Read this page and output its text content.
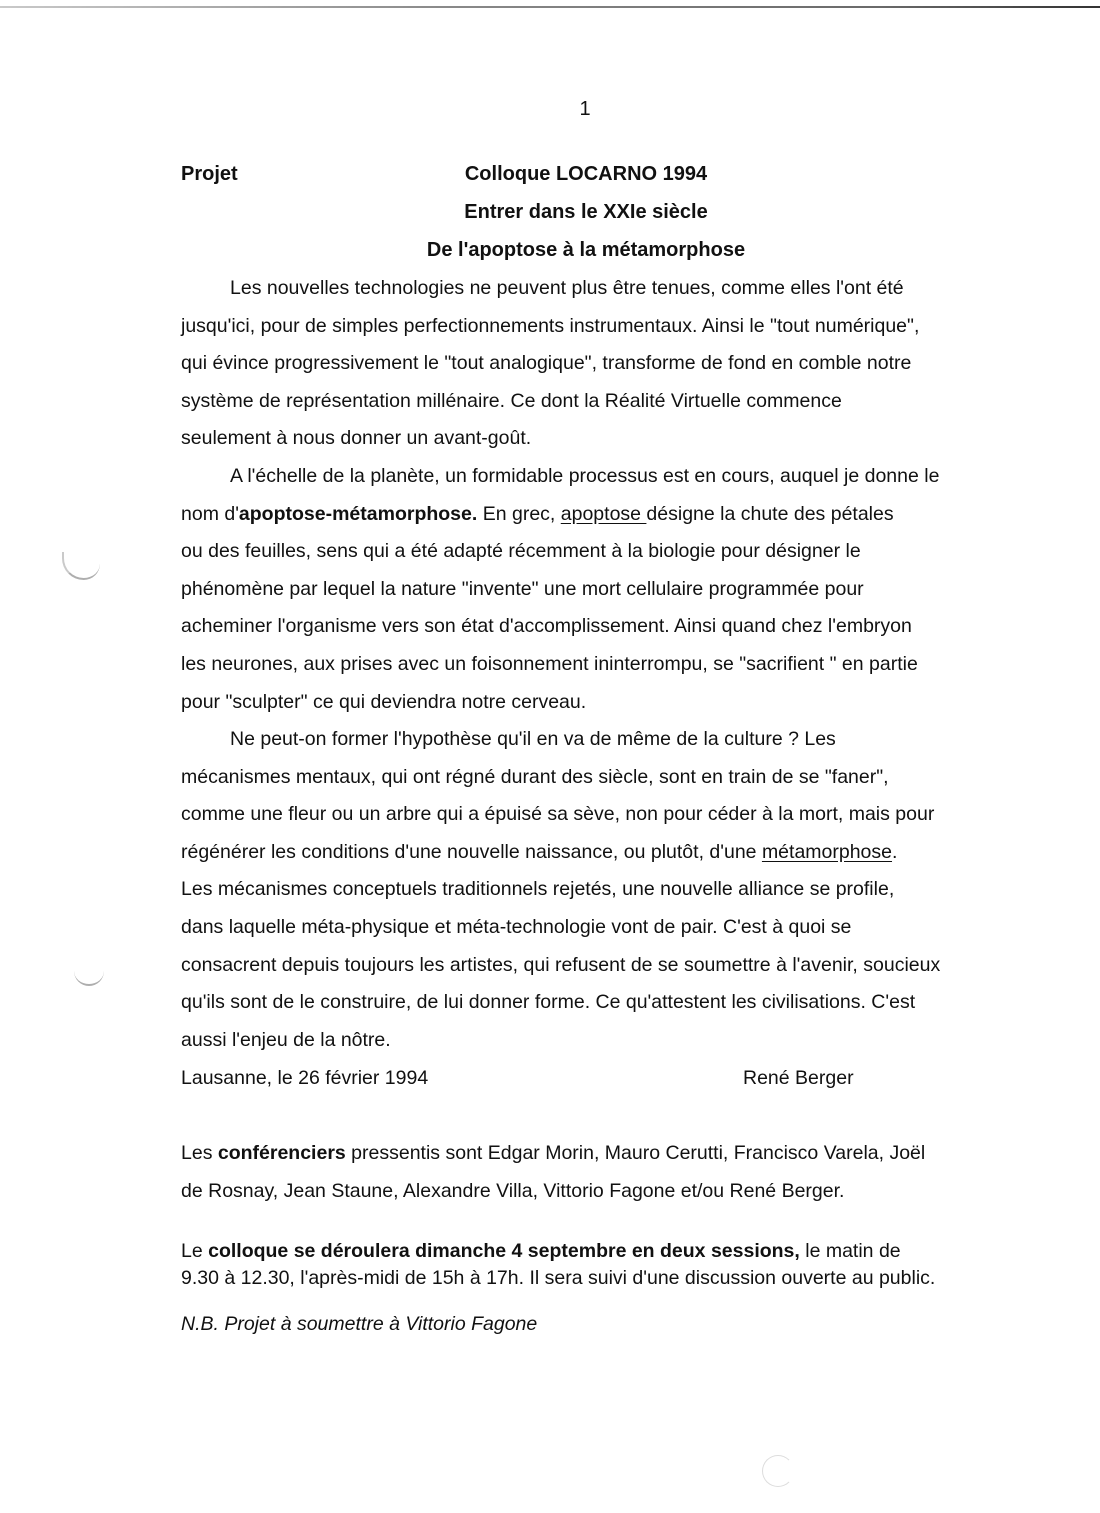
1
Projet	Colloque LOCARNO 1994
Entrer dans le XXIe siècle
De l'apoptose à la métamorphose

Les nouvelles technologies ne peuvent plus être tenues, comme elles l'ont été
jusqu'ici, pour de simples perfectionnements instrumentaux. Ainsi le "tout numérique",
qui évince progressivement le "tout analogique", transforme de fond en comble notre
système de représentation millénaire. Ce dont la Réalité Virtuelle commence
seulement à nous donner un avant-goût.

A l'échelle de la planète, un formidable processus est en cours, auquel je donne le
nom d'apoptose-métamorphose. En grec, apoptose désigne la chute des pétales
ou des feuilles, sens qui a été adapté récemment à la biologie pour désigner le
phénomène par lequel la nature "invente" une mort cellulaire programmée pour
acheminer l'organisme vers son état d'accomplissement. Ainsi quand chez l'embryon
les neurones, aux prises avec un foisonnement ininterrompu, se "sacrifient " en partie
pour "sculpter" ce qui deviendra notre cerveau.

Ne peut-on former l'hypothèse qu'il en va de même de la culture ? Les
mécanismes mentaux, qui ont régné durant des siècle, sont en train de se "faner",
comme une fleur ou un arbre qui a épuisé sa sève, non pour céder à la mort, mais pour
régénérer les conditions d'une nouvelle naissance, ou plutôt, d'une métamorphose.
Les mécanismes conceptuels traditionnels rejetés, une nouvelle alliance se profile,
dans laquelle méta-physique et méta-technologie vont de pair. C'est à quoi se
consacrent depuis toujours les artistes, qui refusent de se soumettre à l'avenir, soucieux
qu'ils sont de le construire, de lui donner forme. Ce qu'attestent les civilisations. C'est
aussi l'enjeu de la nôtre.

Lausanne, le 26 février 1994	René Berger

Les conférenciers pressentis sont Edgar Morin, Mauro Cerutti, Francisco Varela, Joël
de Rosnay, Jean Staune, Alexandre Villa, Vittorio Fagone et/ou René Berger.

Le colloque se déroulera dimanche 4 septembre en deux sessions, le matin de
9.30 à 12.30, l'après-midi de 15h à 17h. Il sera suivi d'une discussion ouverte au public.

N.B. Projet à soumettre à Vittorio Fagone
